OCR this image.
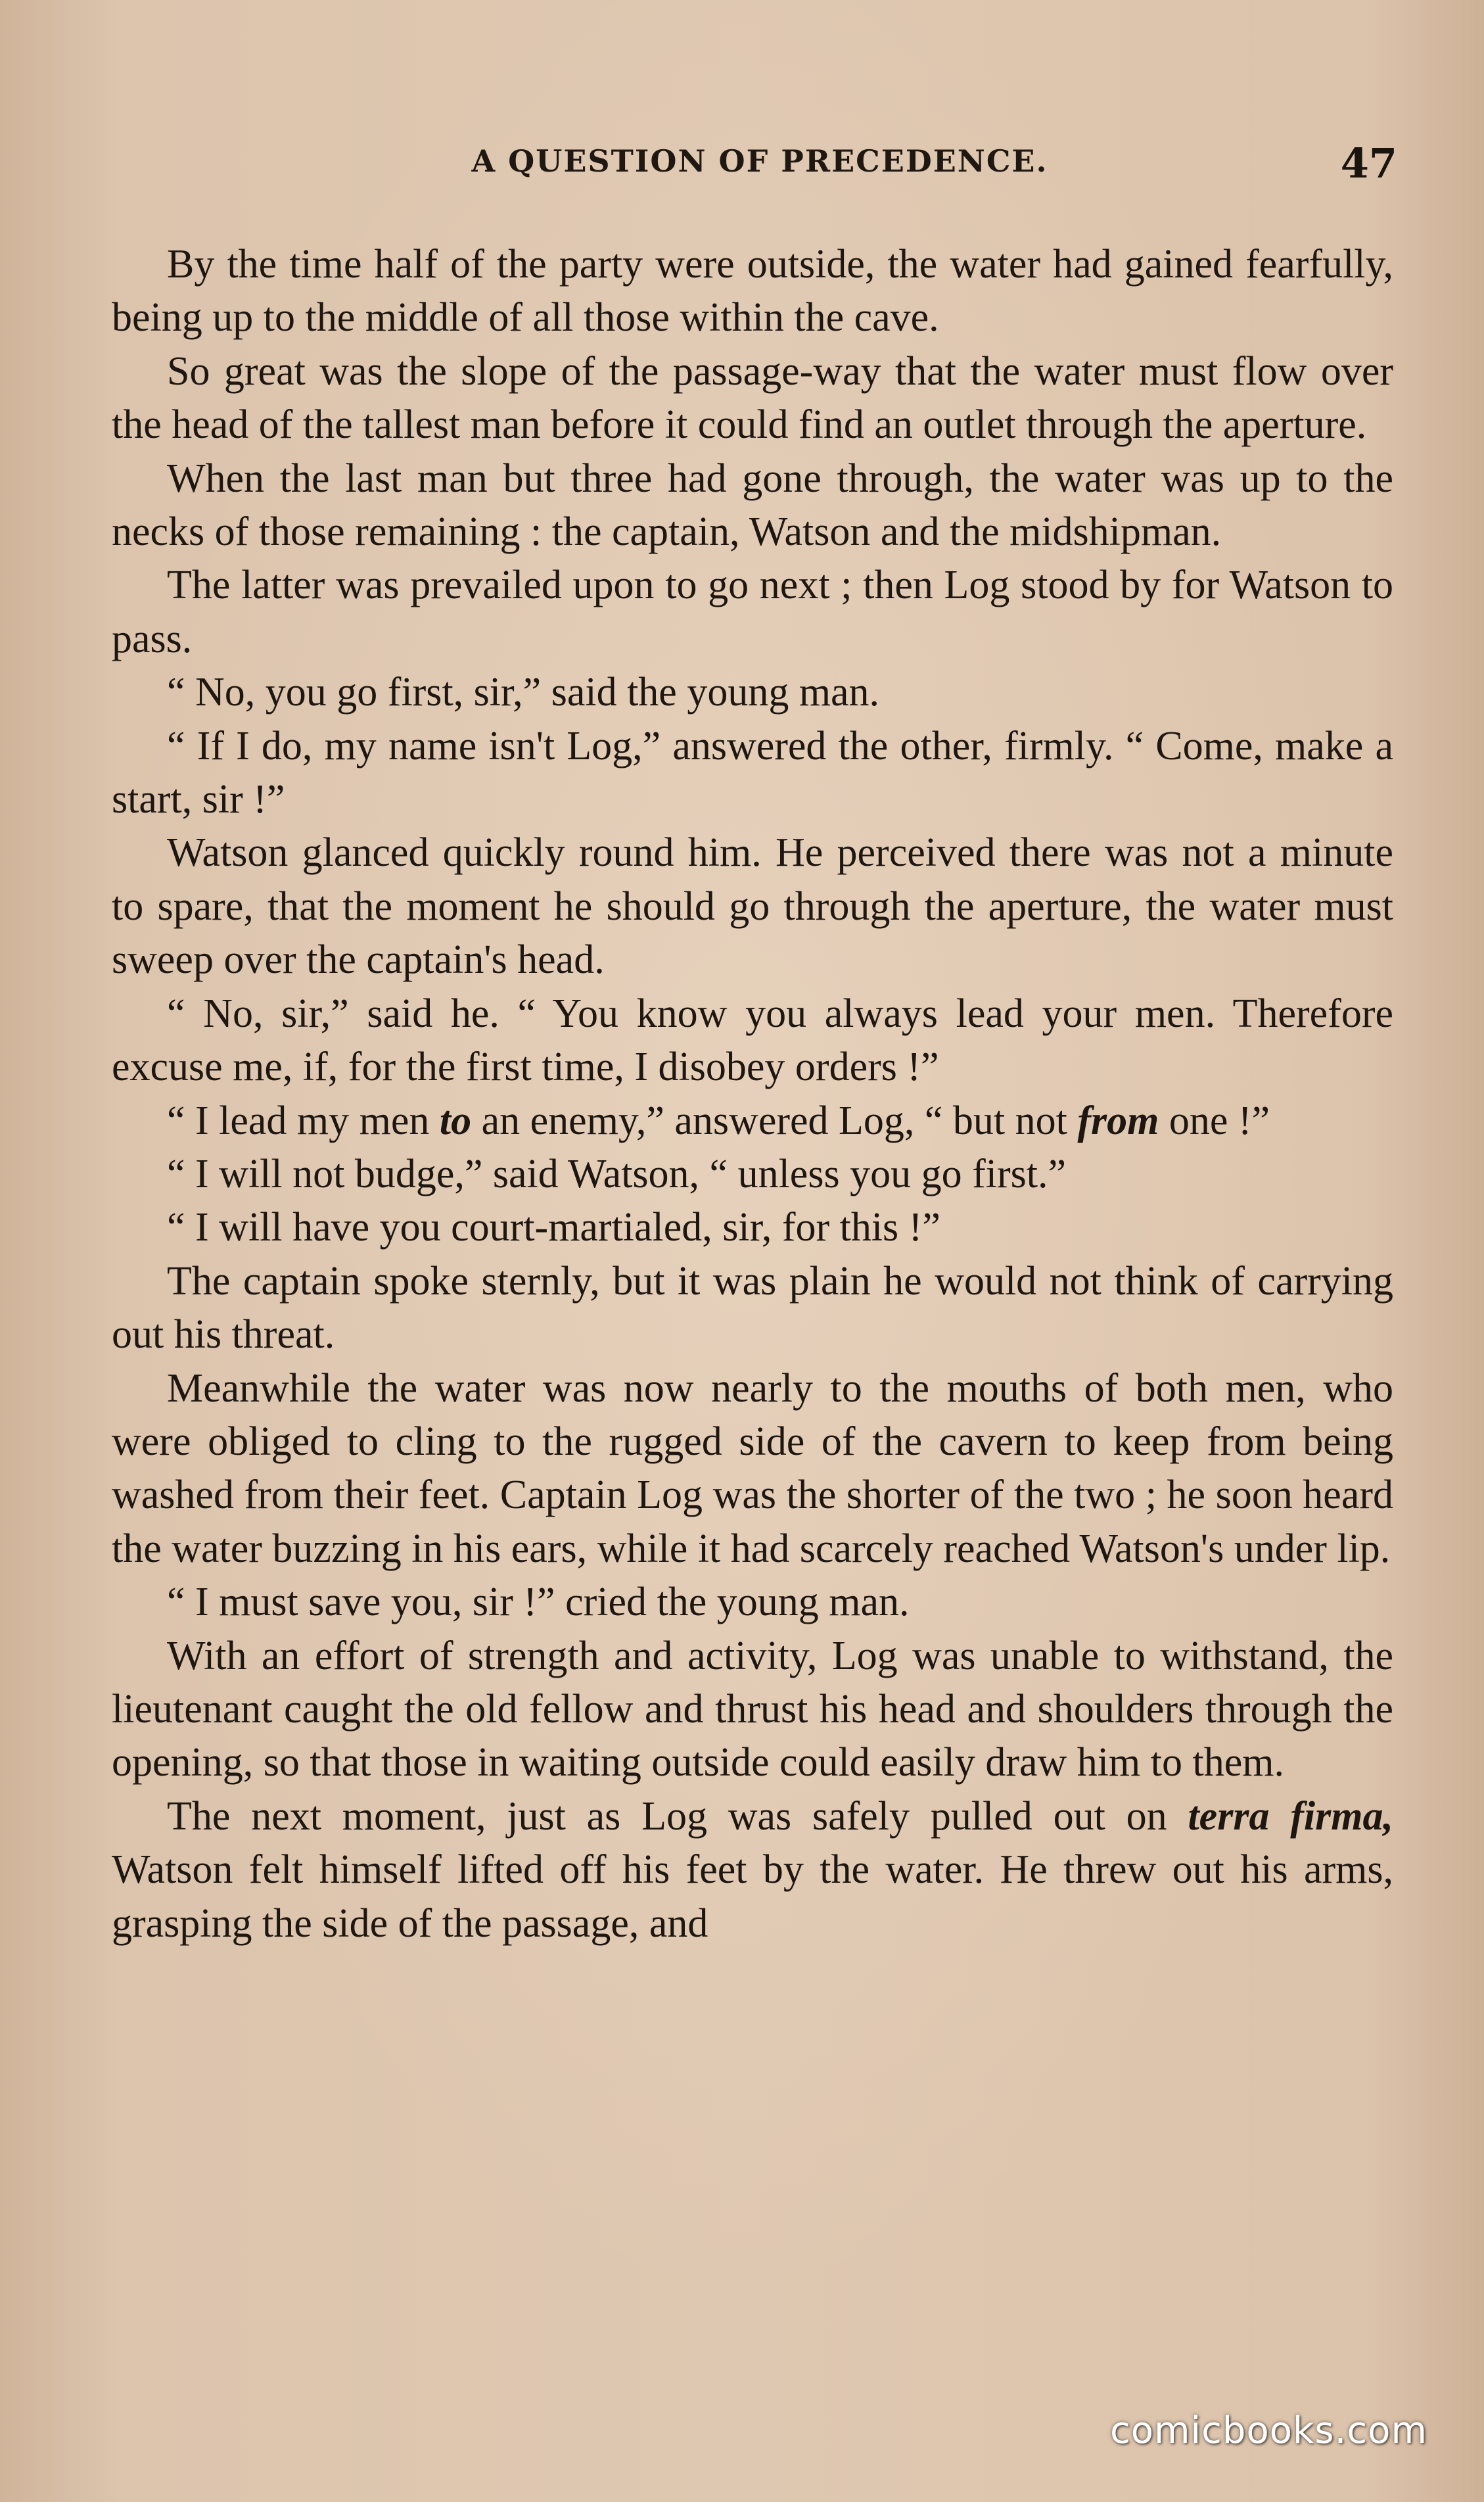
A QUESTION OF PRECEDENCE.	47

By the time half of the party were outside, the water had gained fearfully, being up to the middle of all those within the cave.

So great was the slope of the passage-way that the water must flow over the head of the tallest man before it could find an outlet through the aperture.

When the last man but three had gone through, the water was up to the necks of those remaining : the captain, Watson and the midshipman.

The latter was prevailed upon to go next ; then Log stood by for Watson to pass.

“ No, you go first, sir,” said the young man.

“ If I do, my name isn't Log,” answered the other, firmly. “ Come, make a start, sir !”

Watson glanced quickly round him. He perceived there was not a minute to spare, that the moment he should go through the aperture, the water must sweep over the captain's head.

“ No, sir,” said he. “ You know you always lead your men. Therefore excuse me, if, for the first time, I disobey orders !”

“ I lead my men to an enemy,” answered Log, “ but not from one !”

“ I will not budge,” said Watson, “ unless you go first.”

“ I will have you court-martialed, sir, for this !”

The captain spoke sternly, but it was plain he would not think of carrying out his threat.

Meanwhile the water was now nearly to the mouths of both men, who were obliged to cling to the rugged side of the cavern to keep from being washed from their feet. Captain Log was the shorter of the two ; he soon heard the water buzzing in his ears, while it had scarcely reached Watson's under lip.

“ I must save you, sir !” cried the young man.

With an effort of strength and activity, Log was unable to withstand, the lieutenant caught the old fellow and thrust his head and shoulders through the opening, so that those in waiting outside could easily draw him to them.

The next moment, just as Log was safely pulled out on terra firma, Watson felt himself lifted off his feet by the water. He threw out his arms, grasping the side of the passage, and

comicbooks.com
